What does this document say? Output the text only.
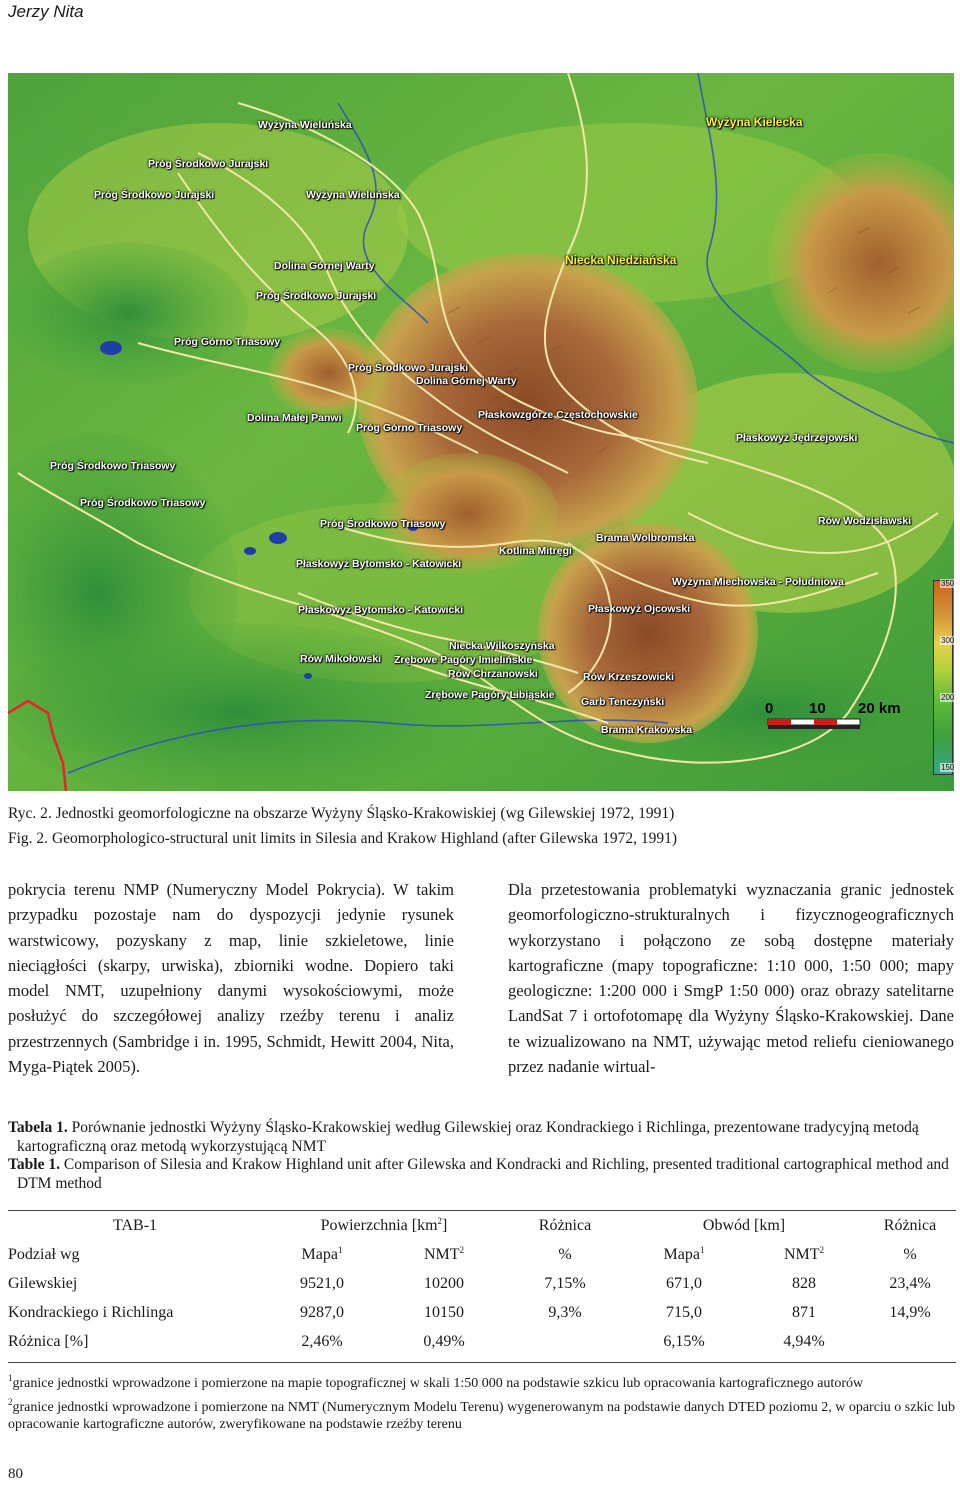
Jerzy Nita
Wyżyna Wieluńska
Próg Środkowo Jurajski
Próg Środkowo Jurajski	Wyżyna Wieluńska
Wyżyna Kielecka
Dolina Górnej Warty	Niecka Niedziańska
Próg Środkowo Jurajski
Próg Górno Triasowy
Próg Środkowo Jurajski
Dolina Górnej Warty
Dolina Małej Panwi	Płaskowzgórze Częstochowskie
Próg Górno Triasowy
Płaskowyż Jędrzejowski
Próg Środkowo Triasowy
Próg Środkowo Triasowy
Próg Środkowo Triasowy	Rów Wodzisławski
Brama Wolbromska
Kotlina Mitręgi
Płaskowyż Bytomsko - Katowicki
Wyżyna Miechowska - Południowa
Płaskowyż Bytomsko - Katowicki	Płaskowyż Ojcowski
Niecka Wilkoszyńska
Rów Mikołowski Zrębowe Pagóry Imielińskie
Rów Chrzanowski	Rów Krzeszowicki
Zrębowe Pagóry Libiąskie
Garb Tenczyński
Brama Krakowska
350
300
200
150
0 10 20 km
Ryc. 2. Jednostki geomorfologiczne na obszarze Wyżyny Śląsko-Krakowiskiej (wg Gilewskiej 1972, 1991)
Fig. 2. Geomorphologico-structural unit limits in Silesia and Krakow Highland (after Gilewska 1972, 1991)
pokrycia terenu NMP (Numeryczny Model Pokrycia). W takim przypadku pozostaje nam do dyspozycji jedynie rysunek warstwicowy, pozyskany z map, linie szkieletowe, linie nieciągłości (skarpy, urwiska), zbiorniki wodne. Dopiero taki model NMT, uzupełniony danymi wysokościowymi, może posłużyć do szczegółowej analizy rzeźby terenu i analiz przestrzennych (Sambridge i in. 1995, Schmidt, Hewitt 2004, Nita, Myga-Piątek 2005).
Dla przetestowania problematyki wyznaczania granic jednostek geomorfologiczno-strukturalnych i fizycznogeograficznych wykorzystano i połączono ze sobą dostępne materiały kartograficzne (mapy topograficzne: 1:10 000, 1:50 000; mapy geologiczne: 1:200 000 i SmgP 1:50 000) oraz obrazy satelitarne LandSat 7 i ortofotomapę dla Wyżyny Śląsko-Krakowskiej. Dane te wizualizowano na NMT, używając metod reliefu cieniowanego przez nadanie wirtual-
Tabela 1. Porównanie jednostki Wyżyny Śląsko-Krakowskiej według Gilewskiej oraz Kondrackiego i Richlinga, prezentowane tradycyjną metodą kartograficzną oraz metodą wykorzystującą NMT
Table 1. Comparison of Silesia and Krakow Highland unit after Gilewska and Kondracki and Richling, presented traditional cartographical method and DTM method
TAB-1	Powierzchnia $[km^2]$		Różnica	Obwód [km]		Różnica
Podział wg	Mapa$^1$	NMT$^2$	%	Mapa$^1$	NMT$^2$	%
Gilewskiej	9521,0	10200	7,15%	671,0	828	23,4%
Kondrackiego i Richlinga	9287,0	10150	9,3%	715,0	871	14,9%
Różnica [%]	2,46%	0,49%		6,15%	4,94%	

$^1$granice jednostki wprowadzone i pomierzone na mapie topograficznej w skali 1:50 000 na podstawie szkicu lub opracowania kartograficznego autorów

$^2$granice jednostki wprowadzone i pomierzone na NMT (Numerycznym Modelu Terenu) wygenerowanym na podstawie danych DTED poziomu 2, w oparciu o szkic lub opracowanie kartograficzne autorów, zweryfikowane na podstawie rzeźby terenu

80
